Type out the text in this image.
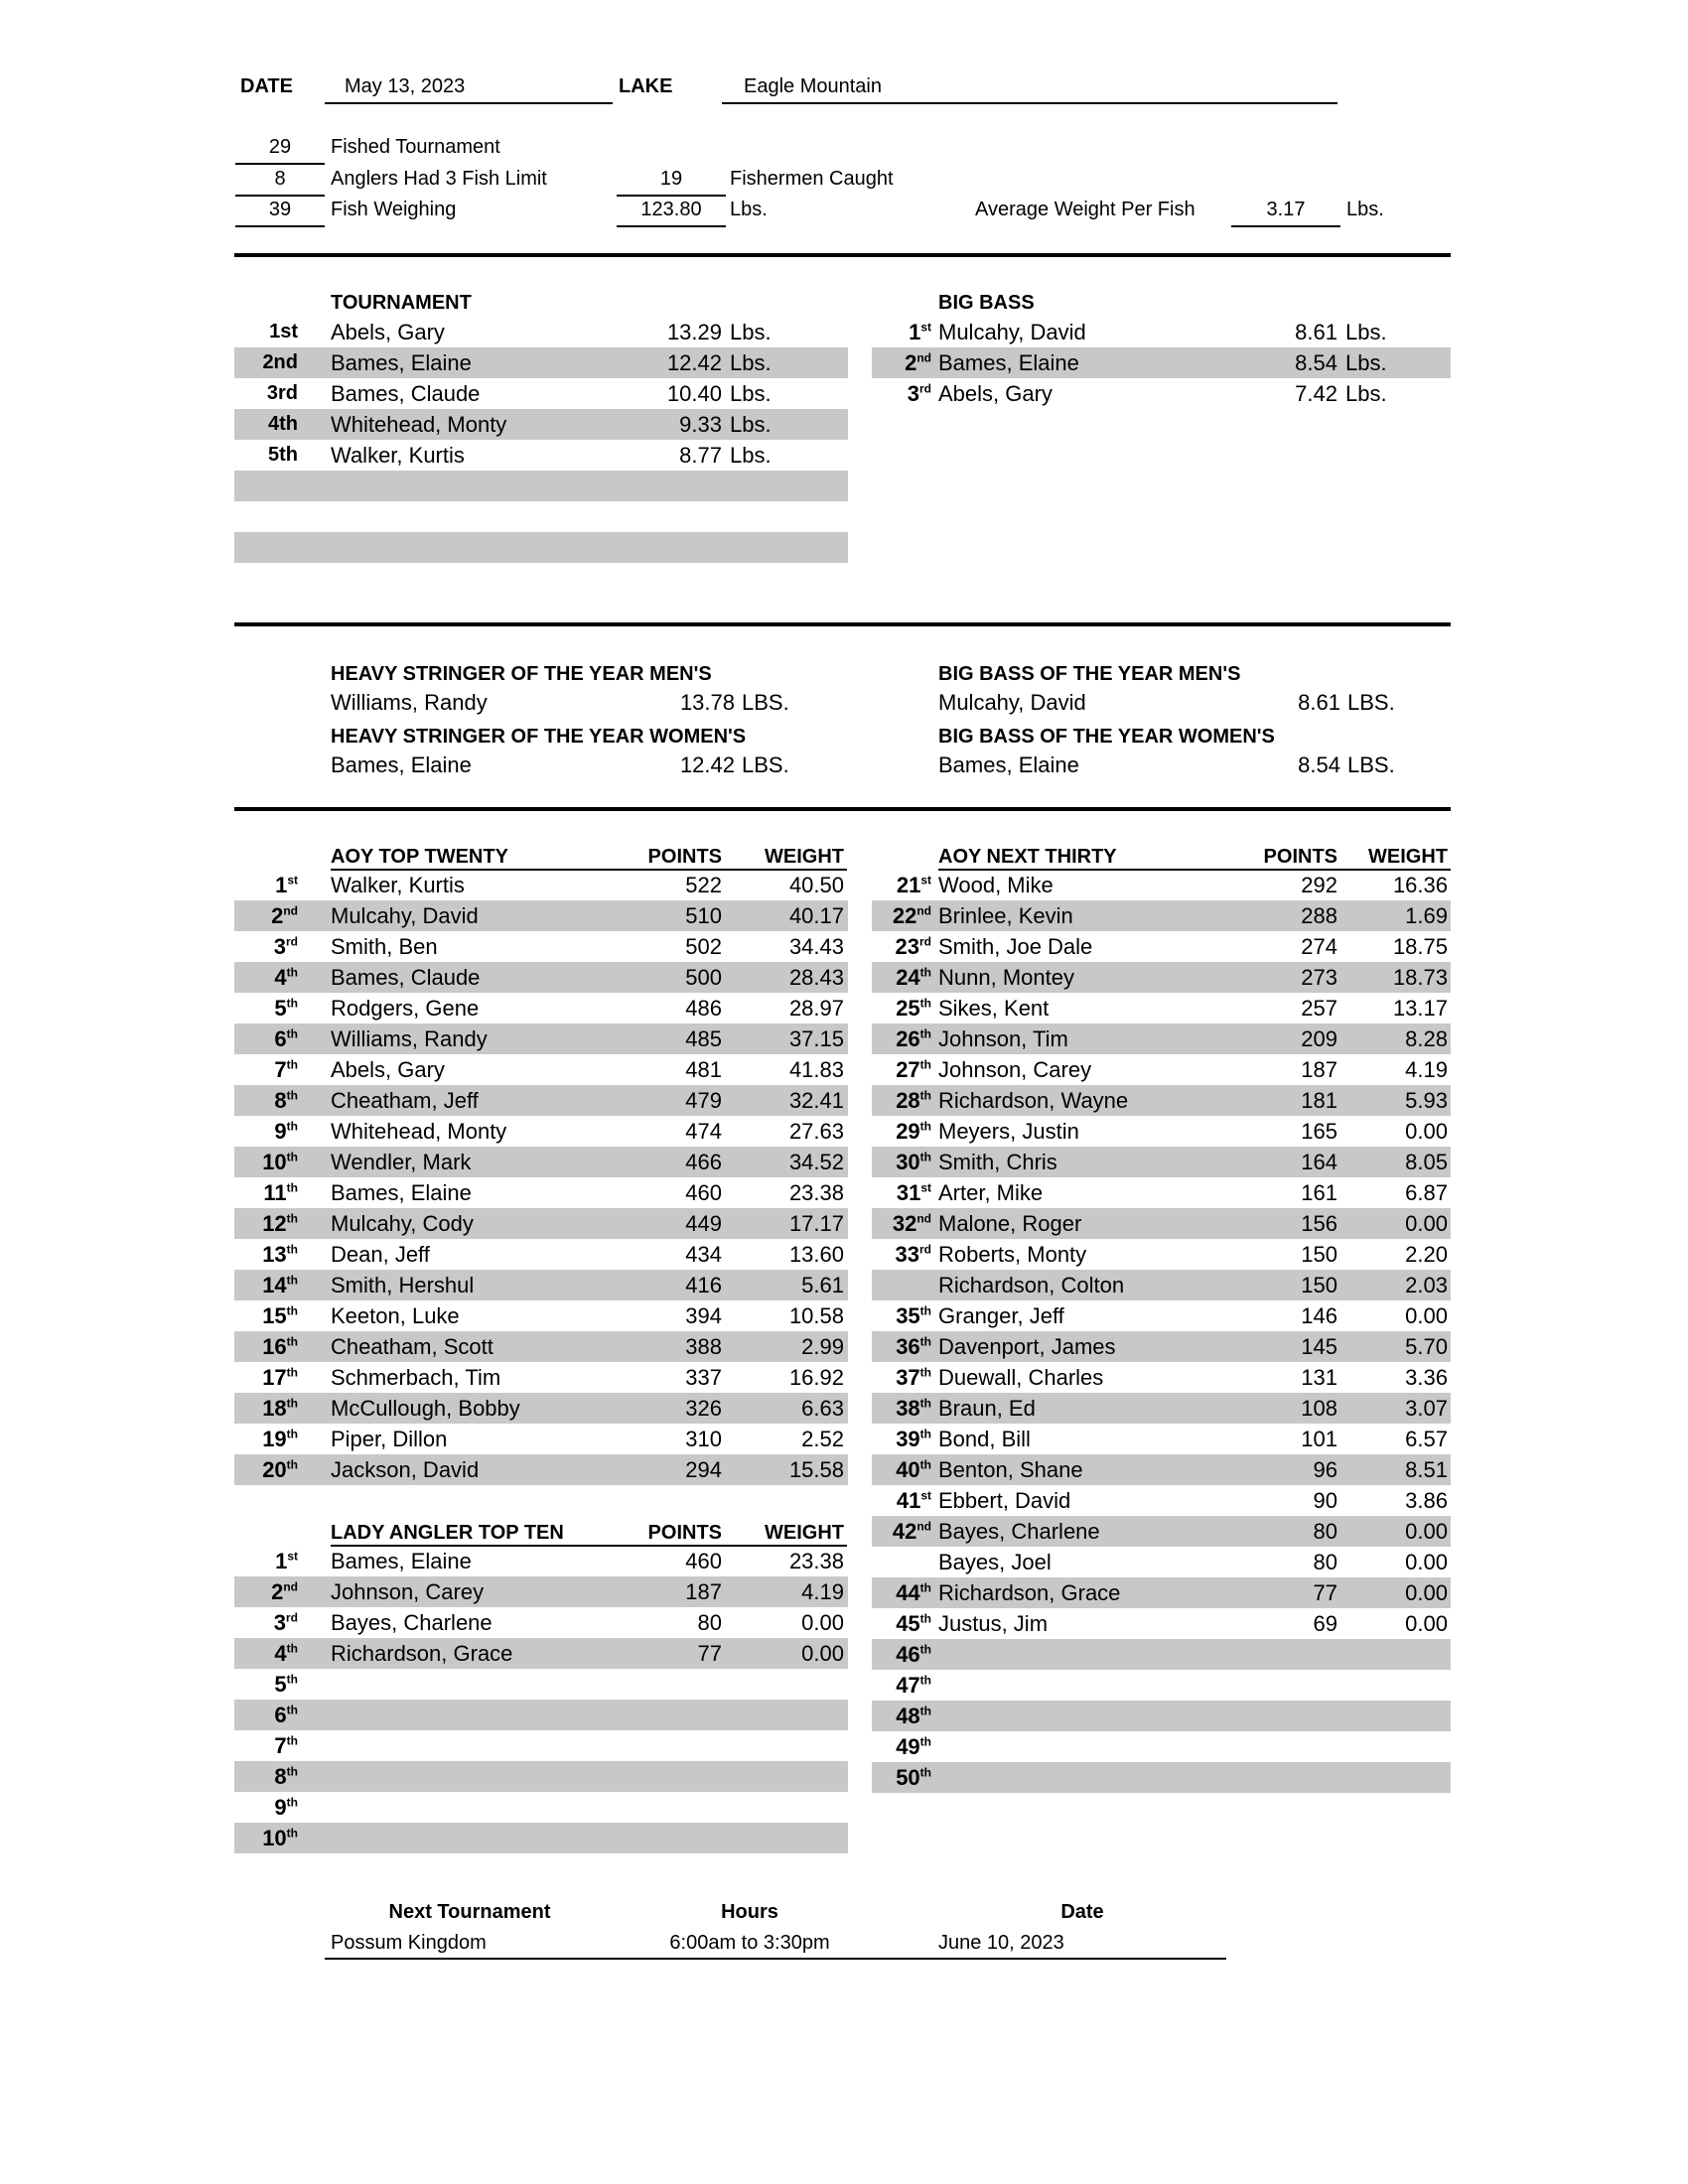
DATE	May 13, 2023	LAKE	Eagle Mountain
29	Fished Tournament
8	Anglers Had 3 Fish Limit	19	Fishermen Caught
39	Fish Weighing	123.80	Lbs.	Average Weight Per Fish	3.17	Lbs.
TOURNAMENT	BIG BASS
1st Abels, Gary	13.29 Lbs.
2nd Bames, Elaine	12.42 Lbs.
3rd Bames, Claude	10.40 Lbs.
4th Whitehead, Monty	9.33 Lbs.
5th Walker, Kurtis	8.77 Lbs.
1st Mulcahy, David	8.61 Lbs.
2nd Bames, Elaine	8.54 Lbs.
3rd Abels, Gary	7.42 Lbs.
HEAVY STRINGER OF THE YEAR MEN'S
Williams, Randy	13.78 LBS.
HEAVY STRINGER OF THE YEAR WOMEN'S
Bames, Elaine	12.42 LBS.
BIG BASS OF THE YEAR MEN'S
Mulcahy, David	8.61 LBS.
BIG BASS OF THE YEAR WOMEN'S
Bames, Elaine	8.54 LBS.
AOY TOP TWENTY	POINTS	WEIGHT	AOY NEXT THIRTY	POINTS	WEIGHT
1st Walker, Kurtis	522	40.50
2nd Mulcahy, David	510	40.17
3rd Smith, Ben	502	34.43
4th Bames, Claude	500	28.43
5th Rodgers, Gene	486	28.97
6th Williams, Randy	485	37.15
7th Abels, Gary	481	41.83
8th Cheatham, Jeff	479	32.41
9th Whitehead, Monty	474	27.63
10th Wendler, Mark	466	34.52
11th Bames, Elaine	460	23.38
12th Mulcahy, Cody	449	17.17
13th Dean, Jeff	434	13.60
14th Smith, Hershul	416	5.61
15th Keeton, Luke	394	10.58
16th Cheatham, Scott	388	2.99
17th Schmerbach, Tim	337	16.92
18th McCullough, Bobby	326	6.63
19th Piper, Dillon	310	2.52
20th Jackson, David	294	15.58
21st Wood, Mike	292	16.36
22nd Brinlee, Kevin	288	1.69
23rd Smith, Joe Dale	274	18.75
24th Nunn, Montey	273	18.73
25th Sikes, Kent	257	13.17
26th Johnson, Tim	209	8.28
27th Johnson, Carey	187	4.19
28th Richardson, Wayne	181	5.93
29th Meyers, Justin	165	0.00
30th Smith, Chris	164	8.05
31st Arter, Mike	161	6.87
32nd Malone, Roger	156	0.00
33rd Roberts, Monty	150	2.20
Richardson, Colton	150	2.03
35th Granger, Jeff	146	0.00
36th Davenport, James	145	5.70
37th Duewall, Charles	131	3.36
38th Braun, Ed	108	3.07
39th Bond, Bill	101	6.57
40th Benton, Shane	96	8.51
41st Ebbert, David	90	3.86
42nd Bayes, Charlene	80	0.00
Bayes, Joel	80	0.00
44th Richardson, Grace	77	0.00
45th Justus, Jim	69	0.00
46th
47th
48th
49th
50th
LADY ANGLER TOP TEN	POINTS	WEIGHT
1st Bames, Elaine	460	23.38
2nd Johnson, Carey	187	4.19
3rd Bayes, Charlene	80	0.00
4th Richardson, Grace	77	0.00
5th
6th
7th
8th
9th
10th
Next Tournament	Hours	Date
Possum Kingdom	6:00am to 3:30pm	June 10, 2023
